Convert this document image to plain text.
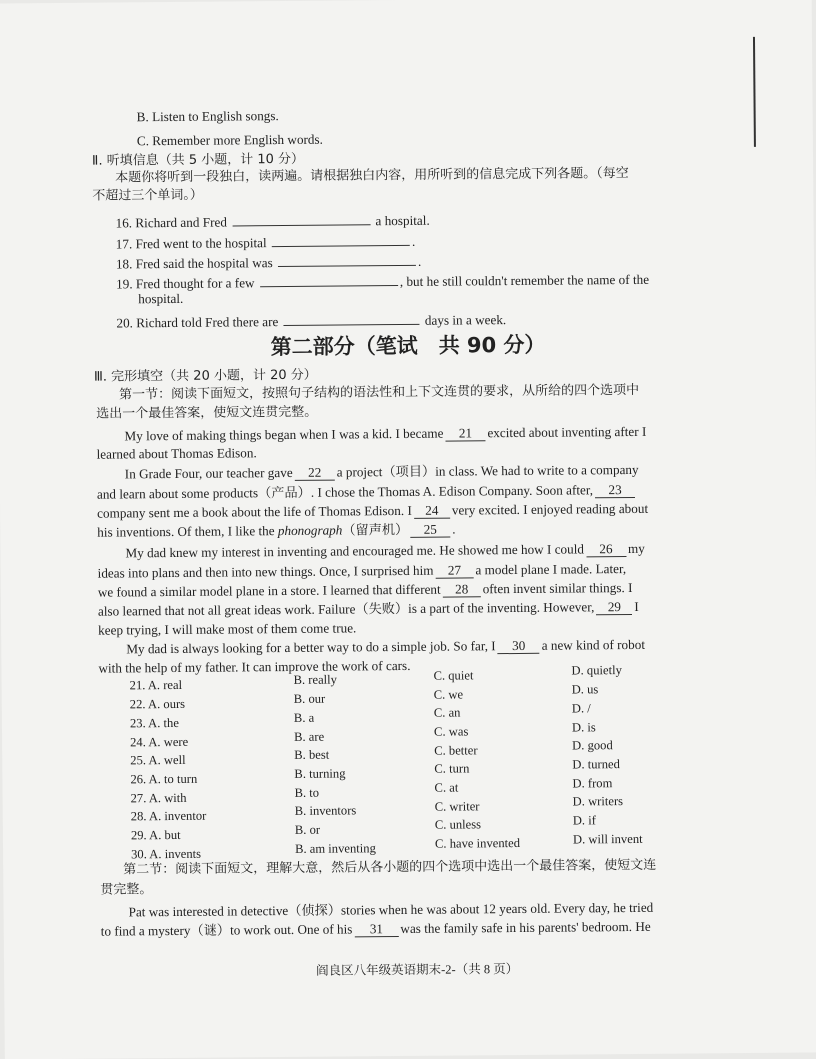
B. Listen to English songs.
C. Remember more English words.
Ⅱ. 听填信息（共 5 小题，计 10 分）
本题你将听到一段独白，读两遍。请根据独白内容，用所听到的信息完成下列各题。（每空
不超过三个单词。）
16. Richard and Fred	a hospital.
17. Fred went to the hospital	.
18. Fred said the hospital was	.
19. Fred thought for a few	, but he still couldn't remember the name of the
hospital.
20. Richard told Fred there are	days in a week.
第二部分（笔试　共 90 分）
Ⅲ. 完形填空（共 20 小题，计 20 分）
第一节：阅读下面短文，按照句子结构的语法性和上下文连贯的要求，从所给的四个选项中
选出一个最佳答案，使短文连贯完整。
My love of making things began when I was a kid. I became 21 excited about inventing after I
learned about Thomas Edison.
In Grade Four, our teacher gave 22 a project（项目）in class. We had to write to a company
and learn about some products（产品）. I chose the Thomas A. Edison Company. Soon after, 23
company sent me a book about the life of Thomas Edison. I 24 very excited. I enjoyed reading about
his inventions. Of them, I like the phonograph（留声机） 25 .
My dad knew my interest in inventing and encouraged me. He showed me how I could 26 my
ideas into plans and then into new things. Once, I surprised him 27 a model plane I made. Later,
we found a similar model plane in a store. I learned that different 28 often invent similar things. I
also learned that not all great ideas work. Failure（失败）is a part of the inventing. However, 29 I
keep trying, I will make most of them come true.
My dad is always looking for a better way to do a simple job. So far, I 30 a new kind of robot
with the help of my father. It can improve the work of cars.
21. A. real	B. really	C. quiet	D. quietly
22. A. ours	B. our	C. we	D. us
23. A. the	B. a	C. an	D. /
24. A. were	B. are	C. was	D. is
25. A. well	B. best	C. better	D. good
26. A. to turn	B. turning	C. turn	D. turned
27. A. with	B. to	C. at	D. from
28. A. inventor	B. inventors	C. writer	D. writers
29. A. but	B. or	C. unless	D. if
30. A. invents	B. am inventing	C. have invented	D. will invent
第二节：阅读下面短文，理解大意，然后从各小题的四个选项中选出一个最佳答案，使短文连
贯完整。
Pat was interested in detective（侦探）stories when he was about 12 years old. Every day, he tried
to find a mystery（谜）to work out. One of his 31 was the family safe in his parents' bedroom. He
阎良区八年级英语期末-2-（共 8 页）
